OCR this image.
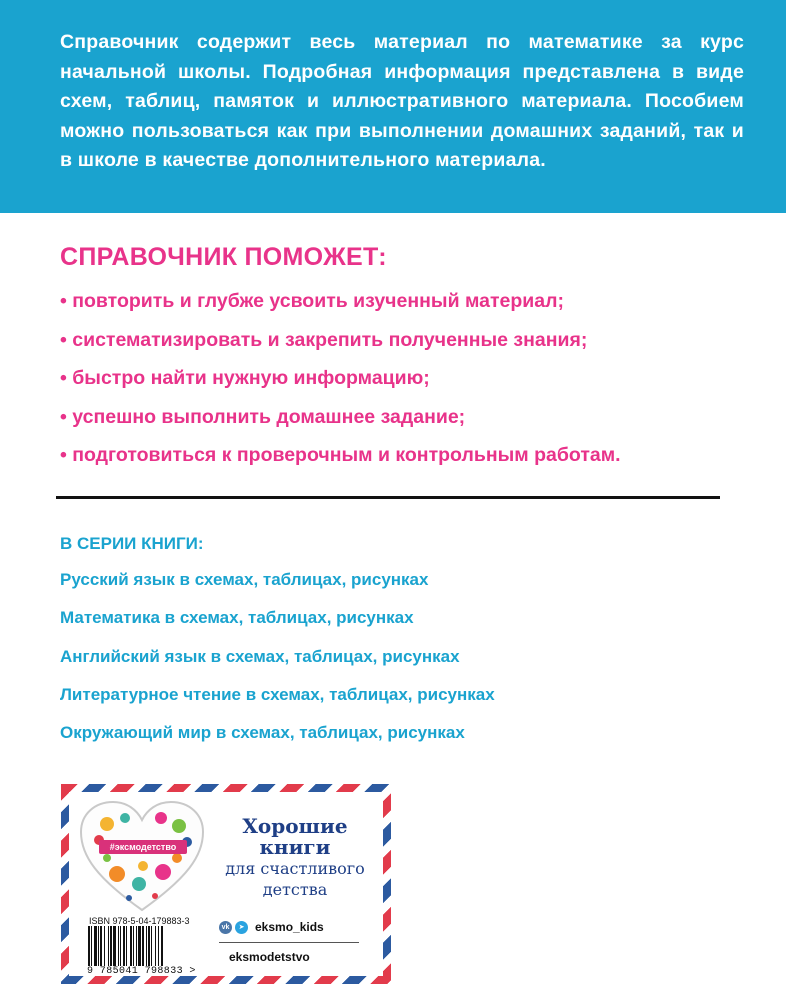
Справочник содержит весь материал по математике за курс начальной школы. Подробная информация представлена в виде схем, таблиц, памяток и иллюстративного материала. Пособием можно пользоваться как при выполнении домашних заданий, так и в школе в качестве дополнительного материала.

СПРАВОЧНИК ПОМОЖЕТ:
• повторить и глубже усвоить изученный материал;
• систематизировать и закрепить полученные знания;
• быстро найти нужную информацию;
• успешно выполнить домашнее задание;
• подготовиться к проверочным и контрольным работам.
В СЕРИИ КНИГИ:
Русский язык в схемах, таблицах, рисунках
Математика в схемах, таблицах, рисунках
Английский язык в схемах, таблицах, рисунках
Литературное чтение в схемах, таблицах, рисунках
Окружающий мир в схемах, таблицах, рисунках
#эксмодетство
Хорошие
книги
для счастливого
детства
ISBN 978-5-04-179883-3
9 785041 798833 >
vk	➤ eksmo_kids
eksmodetstvo
